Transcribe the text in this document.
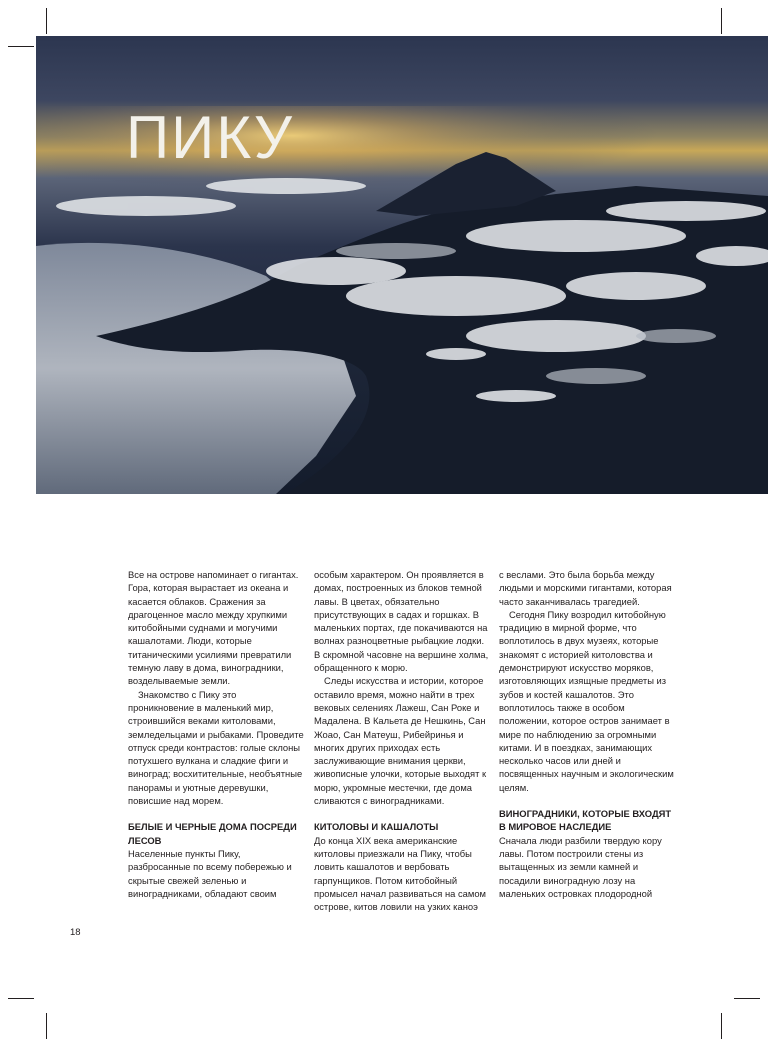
ПИКУ

Все на острове напоминает о гигантах. Гора, которая вырастает из океана и касается облаков. Сражения за драгоценное масло между хрупкими китобойными суднами и могучими кашалотами. Люди, которые титаническими усилиями превратили темную лаву в дома, виноградники, возделываемые земли.

Знакомство с Пику это проникновение в маленький мир, строившийся веками китоловами, земледельцами и рыбаками. Проведите отпуск среди контрастов: голые склоны потухшего вулкана и сладкие фиги и виноград; восхитительные, необъятные панорамы и уютные деревушки, повисшие над морем.

БЕЛЫЕ И ЧЕРНЫЕ ДОМА ПОСРЕДИ ЛЕСОВ

Населенные пункты Пику, разбросанные по всему побережью и скрытые свежей зеленью и виноградниками, обладают своим

особым характером. Он проявляется в домах, построенных из блоков темной лавы. В цветах, обязательно присутствующих в садах и горшках. В маленьких портах, где покачиваются на волнах разноцветные рыбацкие лодки. В скромной часовне на вершине холма, обращенного к морю.

Следы искусства и истории, которое оставило время, можно найти в трех вековых селениях Лажеш, Сан Роке и Мадалена. В Кальета де Нешкинь, Сан Жоао, Сан Матеуш, Рибейринья и многих других приходах есть заслуживающие внимания церкви, живописные улочки, которые выходят к морю, укромные местечки, где дома сливаются с виноградниками.

КИТОЛОВЫ И КАШАЛОТЫ

До конца XIX века американские китоловы приезжали на Пику, чтобы ловить кашалотов и вербовать гарпунщиков. Потом китобойный промысел начал развиваться на самом острове, китов ловили на узких каноэ

с веслами. Это была борьба между людьми и морскими гигантами, которая часто заканчивалась трагедией.

Сегодня Пику возродил китобойную традицию в мирной форме, что воплотилось в двух музеях, которые знакомят с историей китоловства и демонстрируют искусство моряков, изготовляющих изящные предметы из зубов и костей кашалотов. Это воплотилось также в особом положении, которое остров занимает в мире по наблюдению за огромными китами. И в поездках, занимающих несколько часов или дней и посвященных научным и экологическим целям.

ВИНОГРАДНИКИ, КОТОРЫЕ ВХОДЯТ В МИРОВОЕ НАСЛЕДИЕ

Сначала люди разбили твердую кору лавы. Потом построили стены из вытащенных из земли камней и посадили виноградную лозу на маленьких островках плодородной

18
